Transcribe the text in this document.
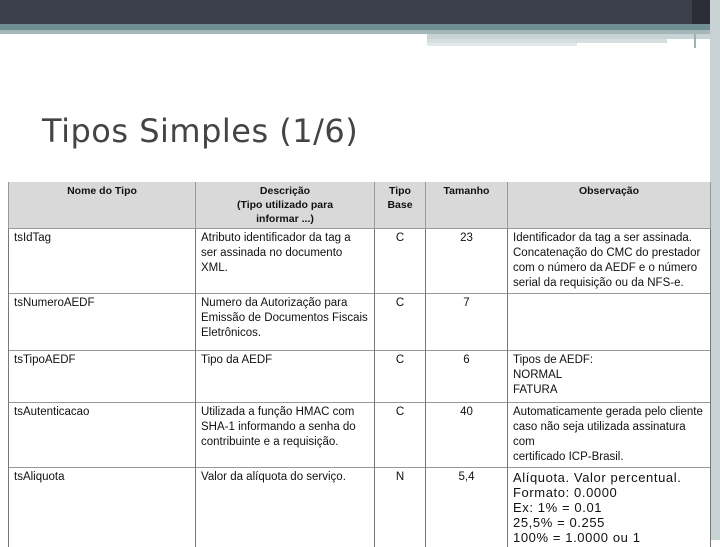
Tipos Simples (1/6)
Nome do Tipo	Descrição
(Tipo utilizado para
informar ...)	Tipo
Base	Tamanho	Observação
tsIdTag	Atributo identificador da tag a
ser assinada no documento XML.	C	23	Identificador da tag a ser assinada.
Concatenação do CMC do prestador
com o número da AEDF e o número
serial da requisição ou da NFS-e.
tsNumeroAEDF	Numero da Autorização para
Emissão de Documentos Fiscais
Eletrônicos.	C	7	
tsTipoAEDF	Tipo da AEDF	C	6	Tipos de AEDF:
NORMAL
FATURA
tsAutenticacao	Utilizada a função HMAC com
SHA-1 informando a senha do
contribuinte e a requisição.	C	40	Automaticamente gerada pelo cliente
caso não seja utilizada assinatura com
certificado ICP-Brasil.
tsAliquota	Valor da alíquota do serviço.	N	5,4	Alíquota. Valor percentual.
Formato: 0.0000
Ex: 1% = 0.01
25,5% = 0.255
100% = 1.0000 ou 1
